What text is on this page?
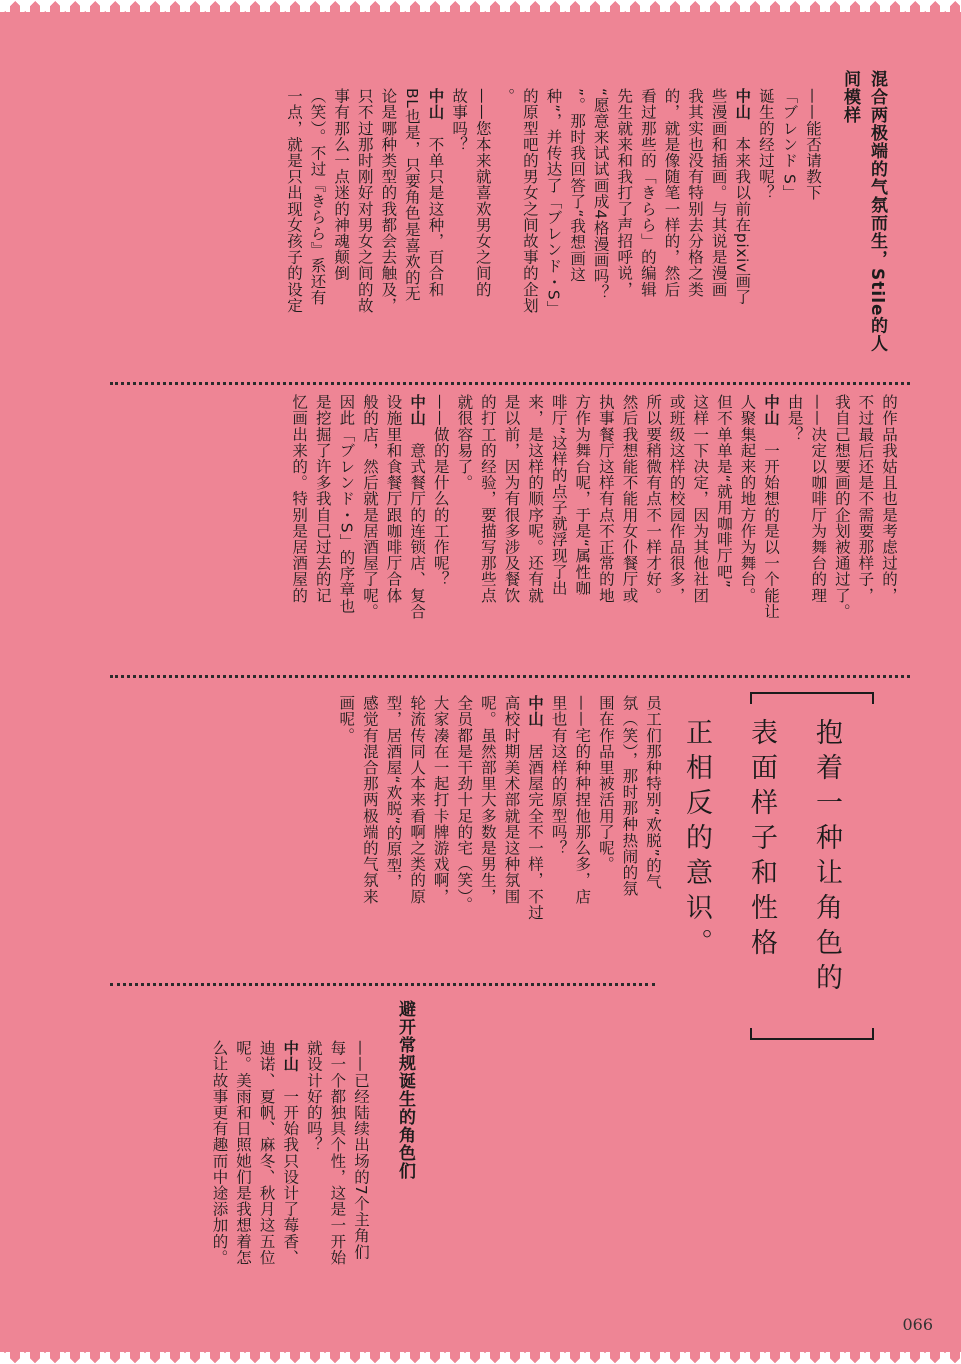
混合两极端的气氛而生，Stile的人间模样

——能否请教下

「ブレンド S」

诞生的经过呢？

中山　本来我以前在pixiv画了

些漫画和插画。与其说是漫画

我其实也没有特别去分格之类

的，就是像随笔一样的，然后

看过那些的「きらら」的编辑

先生就来和我打了声招呼说，

“愿意来试试画成4格漫画吗？

”。那时我回答了“我想画这

种”，并传达了「ブレンド・S」

的原型吧的男女之间故事的企划

。

——您本来就喜欢男女之间的

故事吗？

中山　不单只是这种，百合和

BL也是，只要角色是喜欢的无

论是哪种类型的我都会去触及，

只不过那时刚好对男女之间的故

事有那么一点迷的神魂颠倒

（笑）。不过『きらら』系还有

一点，就是只出现女孩子的设定

的作品我姑且也是考虑过的，

不过最后还是不需要那样子，

我自己想要画的企划被通过了。

——决定以咖啡厅为舞台的理

由是？

中山　一开始想的是以一个能让

人聚集起来的地方作为舞台。

但不单单是“就用咖啡厅吧”

这样一下决定，因为其他社团

或班级这样的校园作品很多，

所以要稍微有点不一样才好。

然后我想能不能用女仆餐厅或

执事餐厅这样有点不正常的地

方作为舞台呢，于是“属性咖

啡厅”这样的点子就浮现了出

来，是这样的顺序呢。还有就

是以前，因为有很多涉及餐饮

的打工的经验，要描写那些点

就很容易了。

——做的是什么的工作呢？

中山　意式餐厅的连锁店、复合

设施里和食餐厅跟咖啡厅合体

般的店，然后就是居酒屋了呢。

因此「ブレンド・S」的序章也

是挖掘了许多我自己过去的记

忆画出来的。特别是居酒屋的

抱着一种让角色的

表面样子和性格

正相反的意识。

员工们那种特别“欢脱”的气

氛（笑），那时那种热闹的氛

围在作品里被活用了呢。

——宅的种种捏他那么多，店

里也有这样的原型吗？

中山　居酒屋完全不一样，不过

高校时期美术部就是这种氛围

呢。虽然部里大多数是男生，

全员都是干劲十足的宅（笑）。

大家凑在一起打卡牌游戏啊，

轮流传同人本来看啊之类的原

型，居酒屋“欢脱”的原型，

感觉有混合那两极端的气氛来

画呢。

避开常规诞生的角色们

——已经陆续出场的7个主角们

每一个都独具个性，这是一开始

就设计好的吗？

中山　一开始我只设计了莓香、

迪诺、夏帆、麻冬、秋月这五位

呢。美雨和日照她们是我想着怎

么让故事更有趣而中途添加的。

066
